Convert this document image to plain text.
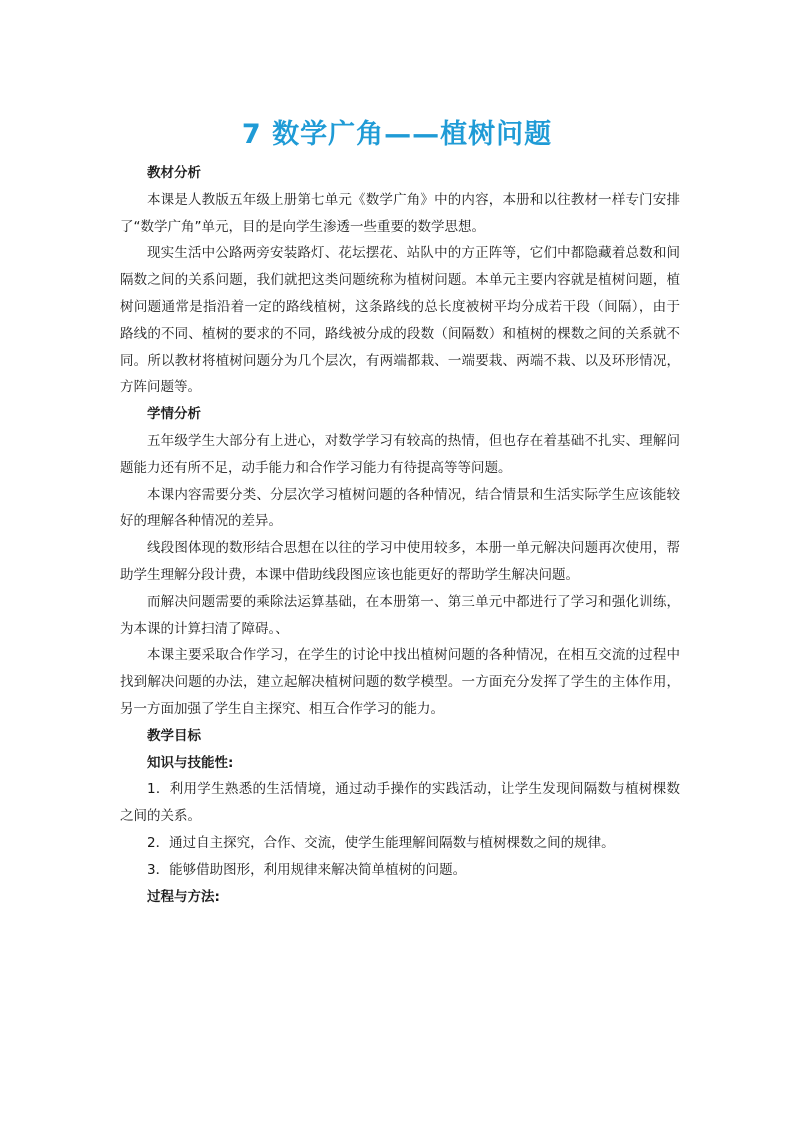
7 数学广角——植树问题

教材分析

本课是人教版五年级上册第七单元《数学广角》中的内容，本册和以往教材一样专门安排了“数学广角”单元，目的是向学生渗透一些重要的数学思想。

现实生活中公路两旁安装路灯、花坛摆花、站队中的方正阵等，它们中都隐藏着总数和间隔数之间的关系问题，我们就把这类问题统称为植树问题。本单元主要内容就是植树问题，植树问题通常是指沿着一定的路线植树，这条路线的总长度被树平均分成若干段（间隔），由于路线的不同、植树的要求的不同，路线被分成的段数（间隔数）和植树的棵数之间的关系就不同。所以教材将植树问题分为几个层次，有两端都栽、一端要栽、两端不栽、以及环形情况，方阵问题等。

学情分析

五年级学生大部分有上进心，对数学学习有较高的热情，但也存在着基础不扎实、理解问题能力还有所不足，动手能力和合作学习能力有待提高等等问题。

本课内容需要分类、分层次学习植树问题的各种情况，结合情景和生活实际学生应该能较好的理解各种情况的差异。

线段图体现的数形结合思想在以往的学习中使用较多，本册一单元解决问题再次使用，帮助学生理解分段计费，本课中借助线段图应该也能更好的帮助学生解决问题。

而解决问题需要的乘除法运算基础，在本册第一、第三单元中都进行了学习和强化训练，为本课的计算扫清了障碍。、

本课主要采取合作学习，在学生的讨论中找出植树问题的各种情况，在相互交流的过程中找到解决问题的办法，建立起解决植树问题的数学模型。一方面充分发挥了学生的主体作用，另一方面加强了学生自主探究、相互合作学习的能力。

教学目标

知识与技能性:

1．利用学生熟悉的生活情境，通过动手操作的实践活动，让学生发现间隔数与植树棵数之间的关系。

2．通过自主探究，合作、交流，使学生能理解间隔数与植树棵数之间的规律。

3．能够借助图形，利用规律来解决简单植树的问题。

过程与方法:
